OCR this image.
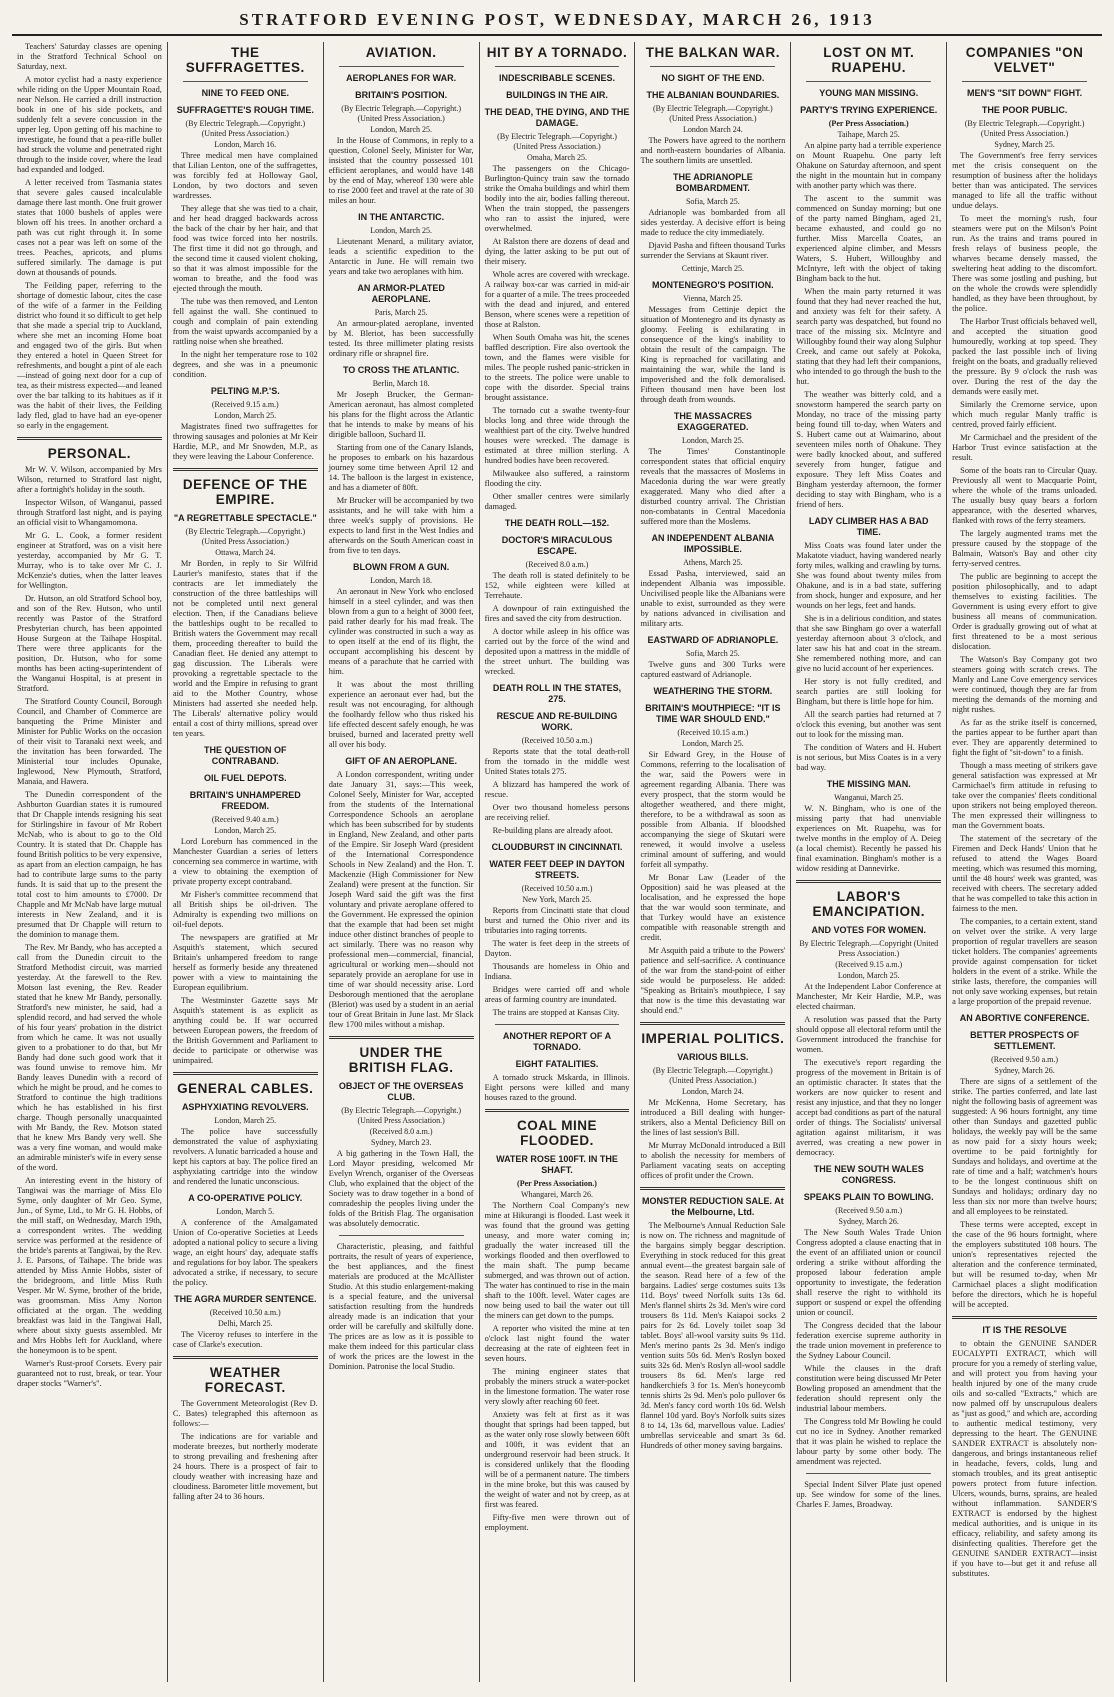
STRATFORD EVENING POST, WEDNESDAY, MARCH 26, 1913

Teachers' Saturday classes are opening in the Stratford Technical School on Saturday, next.

A motor cyclist had a nasty experience while riding on the Upper Mountain Road, near Nelson. He carried a drill instruction book in one of his side pockets, and suddenly felt a severe concussion in the upper leg. Upon getting off his machine to investigate, he found that a pea-rifle bullet had struck the volume and penetrated right through to the inside cover, where the lead had expanded and lodged.

A letter received from Tasmania states that severe gales caused incalculable damage there last month. One fruit grower states that 1000 bushels of apples were blown off his trees. In another orchard a path was cut right through it. In some cases not a pear was left on some of the trees. Peaches, apricots, and plums suffered similarly. The damage is put down at thousands of pounds.

The Feilding paper, referring to the shortage of domestic labour, cites the case of the wife of a farmer in the Feilding district who found it so difficult to get help that she made a special trip to Auckland, where she met an incoming Home boat and engaged two of the girls. But when they entered a hotel in Queen Street for refreshments, and bought a pint of ale each—instead of going next door for a cup of tea, as their mistress expected—and leaned over the bar talking to its habitues as if it was the habit of their lives, the Feilding lady fled, glad to have had an eye-opener so early in the engagement.

PERSONAL.

Mr W. V. Wilson, accompanied by Mrs Wilson, returned to Stratford last night, after a fortnight's holiday in the south.

Inspector Wilson, of Wanganui, passed through Stratford last night, and is paying an official visit to Whangamomona.

Mr G. L. Cook, a former resident engineer at Stratford, was on a visit here yesterday, accompanied by Mr G. T. Murray, who is to take over Mr C. J. McKenzie's duties, when the latter leaves for Wellington.

Dr. Hutson, an old Stratford School boy, and son of the Rev. Hutson, who until recently was Pastor of the Stratford Presbyterian church, has been appointed House Surgeon at the Taihape Hospital. There were three applicants for the position, Dr. Hutson, who for some months has been acting-superintendent of the Wanganui Hospital, is at present in Stratford.

The Stratford County Council, Borough Council, and Chamber of Commerce are banqueting the Prime Minister and Minister for Public Works on the occasion of their visit to Taranaki next week, and the invitation has been forwarded. The Ministerial tour includes Opunake, Inglewood, New Plymouth, Stratford, Manaia, and Hawera.

The Dunedin correspondent of the Ashburton Guardian states it is rumoured that Dr Chapple intends resigning his seat for Stirlingshire in favour of Mr Robert McNab, who is about to go to the Old Country. It is stated that Dr. Chapple has found British politics to be very expensive, as apart from an election campaign, he has had to contribute large sums to the party funds. It is said that up to the present the total cost to him amounts to £7000. Dr Chapple and Mr McNab have large mutual interests in New Zealand, and it is presumed that Dr Chapple will return to the dominion to manage them.

The Rev. Mr Bandy, who has accepted a call from the Dunedin circuit to the Stratford Methodist circuit, was married yesterday. At the farewell to the Rev. Motson last evening, the Rev. Reader stated that he knew Mr Bandy, personally. Stratford's new minister, he said, had a splendid record, and had served the whole of his four years' probation in the district from which he came. It was not usually given to a probationer to do that, but Mr Bandy had done such good work that it was found unwise to remove him. Mr Bandy leaves Dunedin with a record of which he might be proud, and he comes to Stratford to continue the high traditions which he has established in his first charge. Though personally unacquainted with Mr Bandy, the Rev. Motson stated that he knew Mrs Bandy very well. She was a very fine woman, and would make an admirable minister's wife in every sense of the word.

An interesting event in the history of Tangiwai was the marriage of Miss Elo Syme, only daughter of Mr Geo. Syme, Jun., of Syme, Ltd., to Mr G. H. Hobbs, of the mill staff, on Wednesday, March 19th, a correspondent writes. The wedding service was performed at the residence of the bride's parents at Tangiwai, by the Rev. J. E. Parsons, of Taihape. The bride was attended by Miss Annie Hobbs, sister of the bridegroom, and little Miss Ruth Vesper. Mr W. Syme, brother of the bride, was groomsman. Miss Amy Norton officiated at the organ. The wedding breakfast was laid in the Tangiwai Hall, where about sixty guests assembled. Mr and Mrs Hobbs left for Auckland, where the honeymoon is to be spent.

Warner's Rust-proof Corsets. Every pair guaranteed not to rust, break, or tear. Your draper stocks "Warner's".

THE SUFFRAGETTES.
NINE TO FEED ONE.
SUFFRAGETTE'S ROUGH TIME.
(By Electric Telegraph.—Copyright.) (United Press Association.)
London, March 16.

Three medical men have complained that Lilian Lenton, one of the suffragettes, was forcibly fed at Holloway Gaol, London, by two doctors and seven wardresses.

They allege that she was tied to a chair, and her head dragged backwards across the back of the chair by her hair, and that food was twice forced into her nostrils. The first time it did not go through, and the second time it caused violent choking, so that it was almost impossible for the woman to breathe, and the food was ejected through the mouth.

The tube was then removed, and Lenton fell against the wall. She continued to cough and complain of pain extending from the waist upwards accompanied by a rattling noise when she breathed.

In the night her temperature rose to 102 degrees, and she was in a pneumonic condition.

PELTING M.P.'S.
(Received 9.15 a.m.)
London, March 25.

Magistrates fined two suffragettes for throwing sausages and polonies at Mr Keir Hardie, M.P., and Mr Snowden, M.P., as they were leaving the Labour Conference.

DEFENCE OF THE EMPIRE.
"A REGRETTABLE SPECTACLE."
(By Electric Telegraph.—Copyright.) (United Press Association.)
Ottawa, March 24.

Mr Borden, in reply to Sir Wilfrid Laurier's manifesto, states that if the contracts are let immediately the construction of the three battleships will not be completed until next general election. Then, if the Canadians believe the battleships ought to be recalled to British waters the Government may recall them, proceeding thereafter to build the Canadian fleet. He denied any attempt to gag discussion. The Liberals were provoking a regrettable spectacle to the world and the Empire in refusing to grant aid to the Mother Country, whose Ministers had asserted she needed help. The Liberals' alternative policy would entail a cost of thirty millions, spread over ten years.

THE QUESTION OF CONTRABAND.
OIL FUEL DEPOTS.
BRITAIN'S UNHAMPERED FREEDOM.
(Received 9.40 a.m.)
London, March 25.

Lord Loreburn has commenced in the Manchester Guardian a series of letters concerning sea commerce in wartime, with a view to obtaining the exemption of private property except contraband.

Mr Fisher's committee recommend that all British ships be oil-driven. The Admiralty is expending two millions on oil-fuel depots.

The newspapers are gratified at Mr Asquith's statement, which secured Britain's unhampered freedom to range herself as formerly beside any threatened power with a view to maintaining the European equilibrium.

The Westminster Gazette says Mr Asquith's statement is as explicit as anything could be. If war occurred between European powers, the freedom of the British Government and Parliament to decide to participate or otherwise was unimpaired.

GENERAL CABLES.
ASPHYXIATING REVOLVERS.
London, March 25.

The police have successfully demonstrated the value of asphyxiating revolvers. A lunatic barricaded a house and kept his captors at bay. The police fired an asphyxiating cartridge into the window and rendered the lunatic unconscious.

A CO-OPERATIVE POLICY.
London, March 5.

A conference of the Amalgamated Union of Co-operative Societies at Leeds adopted a national policy to secure a living wage, an eight hours' day, adequate staffs and regulations for boy labor. The speakers advocated a strike, if necessary, to secure the policy.

THE AGRA MURDER SENTENCE.
(Received 10.50 a.m.)
Delhi, March 25.

The Viceroy refuses to interfere in the case of Clarke's execution.

WEATHER FORECAST.

The Government Meteorologist (Rev D. C. Bates) telegraphed this afternoon as follows:—

The indications are for variable and moderate breezes, but northerly moderate to strong prevailing and freshening after 24 hours. There is a prospect of fair to cloudy weather with increasing haze and cloudiness. Barometer little movement, but falling after 24 to 36 hours.

AVIATION.
AEROPLANES FOR WAR.
BRITAIN'S POSITION.
(By Electric Telegraph.—Copyright.) (United Press Association.)
London, March 25.

In the House of Commons, in reply to a question, Colonel Seely, Minister for War, insisted that the country possessed 101 efficient aeroplanes, and would have 148 by the end of May, whereof 130 were able to rise 2000 feet and travel at the rate of 30 miles an hour.

IN THE ANTARCTIC.
London, March 25.

Lieutenant Menard, a military aviator, leads a scientific expedition to the Antarctic in June. He will remain two years and take two aeroplanes with him.

AN ARMOR-PLATED AEROPLANE.
Paris, March 25.

An armour-plated aeroplane, invented by M. Bleriot, has been successfully tested. Its three millimeter plating resists ordinary rifle or shrapnel fire.

TO CROSS THE ATLANTIC.
Berlin, March 18.

Mr Joseph Brucker, the German-American aeronaut, has almost completed his plans for the flight across the Atlantic that he intends to make by means of his dirigible balloon, Suchard II.

Starting from one of the Canary Islands, he proposes to embark on his hazardous journey some time between April 12 and 14. The balloon is the largest in existence, and has a diameter of 80ft.

Mr Brucker will be accompanied by two assistants, and he will take with him a three week's supply of provisions. He expects to land first in the West Indies and afterwards on the South American coast in from five to ten days.

BLOWN FROM A GUN.
London, March 18.

An aeronaut in New York who enclosed himself in a steel cylinder, and was then blown from a gun to a height of 3000 feet, paid rather dearly for his mad freak. The cylinder was constructed in such a way as to open itself at the end of its flight, the occupant accomplishing his descent by means of a parachute that he carried with him.

It was about the most thrilling experience an aeronaut ever had, but the result was not encouraging, for although the foolhardy fellow who thus risked his life effected descent safely enough, he was bruised, burned and lacerated pretty well all over his body.

GIFT OF AN AEROPLANE.

A London correspondent, writing under date January 31, says:—This week, Colonel Seely, Minister for War, accepted from the students of the International Correspondence Schools an aeroplane which has been subscribed for by students in England, New Zealand, and other parts of the Empire. Sir Joseph Ward (president of the International Correspondence Schools in New Zealand) and the Hon. T. Mackenzie (High Commissioner for New Zealand) were present at the function. Sir Joseph Ward said the gift was the first voluntary and private aeroplane offered to the Government. He expressed the opinion that the example that had been set might induce other distinct branches of people to act similarly. There was no reason why professional men—commercial, financial, agricultural or working men—should not separately provide an aeroplane for use in time of war should necessity arise. Lord Desborough mentioned that the aeroplane (Bleriot) was used by a student in an aerial tour of Great Britain in June last. Mr Slack flew 1700 miles without a mishap.

UNDER THE BRITISH FLAG.
OBJECT OF THE OVERSEAS CLUB.
(By Electric Telegraph.—Copyright.) (United Press Association.)
(Received 8.0 a.m.)
Sydney, March 23.

A big gathering in the Town Hall, the Lord Mayor presiding, welcomed Mr Evelyn Wrench, organiser of the Overseas Club, who explained that the object of the Society was to draw together in a bond of comradeship the peoples living under the folds of the British Flag. The organisation was absolutely democratic.

Characteristic, pleasing, and faithful portraits, the result of years of experience, the best appliances, and the finest materials are produced at the McAllister Studio. At this studio enlargement-making is a special feature, and the universal satisfaction resulting from the hundreds already made is an indication that your order will be carefully and skilfully done. The prices are as low as it is possible to make them indeed for this particular class of work the prices are the lowest in the Dominion. Patronise the local Studio.

HIT BY A TORNADO.
INDESCRIBABLE SCENES.
BUILDINGS IN THE AIR.
THE DEAD, THE DYING, AND THE DAMAGE.
(By Electric Telegraph.—Copyright.) (United Press Association.)
Omaha, March 25.

The passengers on the Chicago-Burlington-Quincy train saw the tornado strike the Omaha buildings and whirl them bodily into the air, bodies falling thereout. When the train stopped, the passengers who ran to assist the injured, were overwhelmed.

At Ralston there are dozens of dead and dying, the latter asking to be put out of their misery.

Whole acres are covered with wreckage. A railway box-car was carried in mid-air for a quarter of a mile. The trees proceeded with the dead and injured, and entered Benson, where scenes were a repetition of those at Ralston.

When South Omaha was hit, the scenes baffled description. Fire also overtook the town, and the flames were visible for miles. The people rushed panic-stricken in to the streets. The police were unable to cope with the disorder. Special trains brought assistance.

The tornado cut a swathe twenty-four blocks long and three wide through the wealthiest part of the city. Twelve hundred houses were wrecked. The damage is estimated at three million sterling. A hundred bodies have been recovered.

Milwaukee also suffered, a rainstorm flooding the city.

Other smaller centres were similarly damaged.

THE DEATH ROLL—152.
DOCTOR'S MIRACULOUS ESCAPE.
(Received 8.0 a.m.)

The death roll is stated definitely to be 152, while eighteen were killed at Terrehaute.

A downpour of rain extinguished the fires and saved the city from destruction.

A doctor while asleep in his office was carried out by the force of the wind and deposited upon a mattress in the middle of the street unhurt. The building was wrecked.

DEATH ROLL IN THE STATES, 275.
RESCUE AND RE-BUILDING WORK.
(Received 10.50 a.m.)

Reports state that the total death-roll from the tornado in the middle west United States totals 275.

A blizzard has hampered the work of rescue.

Over two thousand homeless persons are receiving relief.

Re-building plans are already afoot.

CLOUDBURST IN CINCINNATI.
WATER FEET DEEP IN DAYTON STREETS.
(Received 10.50 a.m.)
New York, March 25.

Reports from Cincinatti state that cloud burst and turned the Ohio river and its tributaries into raging torrents.

The water is feet deep in the streets of Dayton.

Thousands are homeless in Ohio and Indiana.

Bridges were carried off and whole areas of farming country are inundated.

The trains are stopped at Kansas City.

ANOTHER REPORT OF A TORNADO.
EIGHT FATALITIES.

A tornado struck Mskarda, in Illinois. Eight persons were killed and many houses razed to the ground.

COAL MINE FLOODED.
WATER ROSE 100FT. IN THE SHAFT.
(Per Press Association.)
Whangarei, March 26.

The Northern Coal Company's new mine at Hikurangi is flooded. Last week it was found that the ground was getting uneasy, and more water coming in; gradually the water increased till the workings flooded and then overflowed to the main shaft. The pump became submerged, and was thrown out of action. The water has continued to rise in the main shaft to the 100ft. level. Water cages are now being used to bail the water out till the miners can get down to the pumps.

A reporter who visited the mine at ten o'clock last night found the water decreasing at the rate of eighteen feet in seven hours.

The mining engineer states that probably the miners struck a water-pocket in the limestone formation. The water rose very slowly after reaching 60 feet.

Anxiety was felt at first as it was thought that springs had been tapped, but as the water only rose slowly between 60ft and 100ft, it was evident that an underground reservoir had been struck. It is considered unlikely that the flooding will be of a permanent nature. The timbers in the mine broke, but this was caused by the weight of water and not by creep, as at first was feared.

Fifty-five men were thrown out of employment.

THE BALKAN WAR.
NO SIGHT OF THE END.
THE ALBANIAN BOUNDARIES.
(By Electric Telegraph.—Copyright.) (United Press Association.)
London March 24.

The Powers have agreed to the northern and north-eastern boundaries of Albania. The southern limits are unsettled.

THE ADRIANOPLE BOMBARDMENT.
Sofia, March 25.

Adrianople was bombarded from all sides yesterday. A decisive effort is being made to reduce the city immediately.

Djavid Pasha and fifteen thousand Turks surrender the Servians at Skaunt river.

Cettinje, March 25.
MONTENEGRO'S POSITION.
Vienna, March 25.

Messages from Cettinje depict the situation of Montenegro and its dynasty as gloomy. Feeling is exhilarating in consequence of the king's inability to obtain the result of the campaign. The King is reproached for vacillating and maintaining the war, while the land is impoverished and the folk demoralised. Fifteen thousand men have been lost through death from wounds.

THE MASSACRES EXAGGERATED.
London, March 25.

The Times' Constantinople correspondent states that official enquiry reveals that the massacres of Moslems in Macedonia during the war were greatly exaggerated. Many who died after a disturbed country arrival. The Christian non-combatants in Central Macedonia suffered more than the Moslems.

AN INDEPENDENT ALBANIA IMPOSSIBLE.
Athens, March 25.

Essad Pasha, interviewed, said an independent Albania was impossible. Uncivilised people like the Albanians were unable to exist, surrounded as they were by nations advanced in civilisation and military arts.

EASTWARD OF ADRIANOPLE.
Sofia, March 25.

Twelve guns and 300 Turks were captured eastward of Adrianople.

WEATHERING THE STORM.
BRITAIN'S MOUTHPIECE: "IT IS TIME WAR SHOULD END."
(Received 10.15 a.m.)
London, March 25.

Sir Edward Grey, in the House of Commons, referring to the localisation of the war, said the Powers were in agreement regarding Albania. There was every prospect, that the storm would be altogether weathered, and there might, therefore, to be a withdrawal as soon as possible from Albania. If bloodshed accompanying the siege of Skutari were renewed, it would involve a useless criminal amount of suffering, and would forfeit all sympathy.

Mr Bonar Law (Leader of the Opposition) said he was pleased at the localisation, and he expressed the hope that the war would soon terminate, and that Turkey would have an existence compatible with reasonable strength and credit.

Mr Asquith paid a tribute to the Powers' patience and self-sacrifice. A continuance of the war from the stand-point of either side would be purposeless. He added: "Speaking as Britain's mouthpiece, I say that now is the time this devastating war should end."

IMPERIAL POLITICS.
VARIOUS BILLS.
(By Electric Telegraph.—Copyright.) (United Press Association.)
London, March 24.

Mr McKenna, Home Secretary, has introduced a Bill dealing with hunger-strikers, also a Mental Deficiency Bill on the lines of last session's Bill.

Mr Murray McDonald introduced a Bill to abolish the necessity for members of Parliament vacating seats on accepting offices of profit under the Crown.

MONSTER REDUCTION SALE. At the Melbourne, Ltd.

The Melbourne's Annual Reduction Sale is now on. The richness and magnitude of the bargains simply beggar description. Everything in stock reduced for this great annual event—the greatest bargain sale of the season. Read here of a few of the bargains. Ladies' serge costumes suits 13s 11d. Boys' tweed Norfolk suits 13s 6d. Men's flannel shirts 2s 3d. Men's wire cord trousers 8s 11d. Men's Kaiapoi socks 2 pairs for 2s 6d. Lovely toilet soap 3d tablet. Boys' all-wool varsity suits 9s 11d. Men's merino pants 2s 3d. Men's indigo vention suits 50s 6d. Men's Roslyn boxed suits 32s 6d. Men's Roslyn all-wool saddle trousers 8s 6d. Men's large red handkerchiefs 3 for 1s. Men's honeycomb tennis shirts 2s 9d. Men's polo pullover 6s 3d. Men's fancy cord worth 10s 6d. Welsh flannel 10d yard. Boy's Norfolk suits sizes 8 to 14, 13s 6d, marvellous value. Ladies' umbrellas serviceable and smart 3s 6d. Hundreds of other money saving bargains.

LOST ON MT. RUAPEHU.
YOUNG MAN MISSING.
PARTY'S TRYING EXPERIENCE.
(Per Press Association.)
Taihape, March 25.

An alpine party had a terrible experience on Mount Ruapehu. One party left Ohakune on Saturday afternoon, and spent the night in the mountain hut in company with another party which was there.

The ascent to the summit was commenced on Sunday morning; but one of the party named Bingham, aged 21, became exhausted, and could go no further. Miss Marcella Coates, an experienced alpine climber, and Messrs Waters, S. Hubert, Willoughby and McIntyre, left with the object of taking Bingham back to the hut.

When the main party returned it was found that they had never reached the hut, and anxiety was felt for their safety. A search party was despatched, but found no trace of the missing six. McIntyre and Willoughby found their way along Sulphur Creek, and came out safely at Pokoka, stating that they had left their companions, who intended to go through the bush to the hut.

The weather was bitterly cold, and a snowstorm hampered the search party on Monday, no trace of the missing party being found till to-day, when Waters and S. Hubert came out at Waimarino, about seventeen miles north of Ohakune. They were badly knocked about, and suffered severely from hunger, fatigue and exposure. They left Miss Coates and Bingham yesterday afternoon, the former deciding to stay with Bingham, who is a friend of hers.

LADY CLIMBER HAS A BAD TIME.

Miss Coats was found later under the Makatote viaduct, having wandered nearly forty miles, walking and crawling by turns. She was found about twenty miles from Ohakune, and is in a bad state, suffering from shock, hunger and exposure, and her wounds on her legs, feet and hands.

She is in a delirious condition, and states that she saw Bingham go over a waterfall yesterday afternoon about 3 o'clock, and later saw his hat and coat in the stream. She remembered nothing more, and can give no lucid account of her experiences.

Her story is not fully credited, and search parties are still looking for Bingham, but there is little hope for him.

All the search parties had returned at 7 o'clock this evening, but another was sent out to look for the missing man.

The condition of Waters and H. Hubert is not serious, but Miss Coates is in a very bad way.

THE MISSING MAN.
Wanganui, March 25.

W. N. Bingham, who is one of the missing party that had unenviable experiences on Mt. Ruapehu, was for twelve months in the employ of A. Deieg (a local chemist). Recently he passed his final examination. Bingham's mother is a widow residing at Dannevirke.

LABOR'S EMANCIPATION.
AND VOTES FOR WOMEN.
By Electric Telegraph.—Copyright (United Press Association.)
(Received 9.15 a.m.)
London, March 25.

At the Independent Labor Conference at Manchester, Mr Keir Hardie, M.P., was elected chairman.

A resolution was passed that the Party should oppose all electoral reform until the Government introduced the franchise for women.

The executive's report regarding the progress of the movement in Britain is of an optimistic character. It states that the workers are now quicker to resent and resist any injustice, and that they no longer accept bad conditions as part of the natural order of things. The Socialists' universal agitation against militarism, it was averred, was creating a new power in democracy.

THE NEW SOUTH WALES CONGRESS.
SPEAKS PLAIN TO BOWLING.
(Received 9.50 a.m.)
Sydney, March 26.

The New South Wales Trade Union Congress adopted a clause enacting that in the event of an affiliated union or council ordering a strike without affording the proposed labour federation ample opportunity to investigate, the federation shall reserve the right to withhold its support or suspend or expel the offending union or council.

The Congress decided that the labour federation exercise supreme authority in the trade union movement in preference to the Sydney Labour Council.

While the clauses in the draft constitution were being discussed Mr Peter Bowling proposed an amendment that the federation should represent only the industrial labour members.

The Congress told Mr Bowling he could cut no ice in Sydney. Another remarked that it was plain he wished to replace the labour party by some other body. The amendment was rejected.

Special Indent Silver Plate just opened up. See window for some of the lines. Charles F. James, Broadway.

COMPANIES "ON VELVET"
MEN'S "SIT DOWN" FIGHT.
THE POOR PUBLIC.
(By Electric Telegraph.—Copyright.) (United Press Association.)
Sydney, March 25.

The Government's free ferry services met the crisis consequent on the resumption of business after the holidays better than was anticipated. The services managed to life all the traffic without undue delays.

To meet the morning's rush, four steamers were put on the Milson's Point run. As the trains and trams poured in fresh relays of business people, the wharves became densely massed, the sweltering heat adding to the discomfort. There was some jostling and pushing, but on the whole the crowds were splendidly handled, as they have been throughout, by the police.

The Harbor Trust officials behaved well, and accepted the situation good humouredly, working at top speed. They packed the last possible inch of living freight on the boats, and gradually relieved the pressure. By 9 o'clock the rush was over. During the rest of the day the demands were easily met.

Similarly the Cremorne service, upon which much regular Manly traffic is centred, proved fairly efficient.

Mr Carmichael and the president of the Harbor Trust evince satisfaction at the result.

Some of the boats ran to Circular Quay. Previously all went to Macquarie Point, where the whole of the trams unloaded. The usually busy quay bears a forlorn appearance, with the deserted wharves, flanked with rows of the ferry steamers.

The largely augmented trams met the pressure caused by the stoppage of the Balmain, Watson's Bay and other city ferry-served centres.

The public are beginning to accept the position philosophically, and to adapt themselves to existing facilities. The Government is using every effort to give business all means of communication. Order is gradually growing out of what at first threatened to be a most serious dislocation.

The Watson's Bay Company got two steamers going with scratch crews. The Manly and Lane Cove emergency services were continued, though they are far from meeting the demands of the morning and night rushes.

As far as the strike itself is concerned, the parties appear to be further apart than ever. They are apparently determined to fight the fight of "sit-down" to a finish.

Though a mass meeting of strikers gave general satisfaction was expressed at Mr Carmichael's firm attitude in refusing to take over the companies' fleets conditional upon strikers not being employed thereon. The men expressed their willingness to man the Government boats.

The statement of the secretary of the Firemen and Deck Hands' Union that he refused to attend the Wages Board meeting, which was resumed this morning, until the 48 hours' week was granted, was received with cheers. The secretary added that he was compelled to take this action in fairness to the men.

The companies, to a certain extent, stand on velvet over the strike. A very large proportion of regular travellers are season ticket holders. The companies' agreements provide against compensation for ticket holders in the event of a strike. While the strike lasts, therefore, the companies will not only save working expenses, but retain a large proportion of the prepaid revenue.

AN ABORTIVE CONFERENCE.
BETTER PROSPECTS OF SETTLEMENT.
(Received 9.50 a.m.)
Sydney, March 26.

There are signs of a settlement of the strike. The parties conferred, and late last night the following basis of agreement was suggested: A 96 hours fortnight, any time other than Sundays and gazetted public holidays, the weekly pay will be the same as now paid for a sixty hours week; overtime to be paid fortnightly for Sundays and holidays, and overtime at the rate of time and a half; watchmen's hours to be the longest continuous shift on Sundays and holidays; ordinary day no less than six nor more than twelve hours; and all employees to be reinstated.

These terms were accepted, except in the case of the 96 hours fortnight, where the employers substituted 108 hours. The union's representatives rejected the alteration and the conference terminated, but will be resumed to-day, when Mr Carmichael places a slight modification before the directors, which he is hopeful will be accepted.

IT IS THE RESOLVE

to obtain the GENUINE SANDER EUCALYPTI EXTRACT, which will procure for you a remedy of sterling value, and will protect you from having your health injured by one of the many crude oils and so-called "Extracts," which are now palmed off by unscrupulous dealers as "just as good," and which are, according to authentic medical testimony, very depressing to the heart. The GENUINE SANDER EXTRACT is absolutely non-dangerous, and brings instantaneous relief in headache, fevers, colds, lung and stomach troubles, and its great antiseptic powers protect from future infection. Ulcers, wounds, burns, sprains, are healed without inflammation. SANDER'S EXTRACT is endorsed by the highest medical authorities, and is unique in its efficacy, reliability, and safety among its disinfecting qualities. Therefore get the GENUINE SANDER EXTRACT—insist if you have to—but get it and refuse all substitutes.
